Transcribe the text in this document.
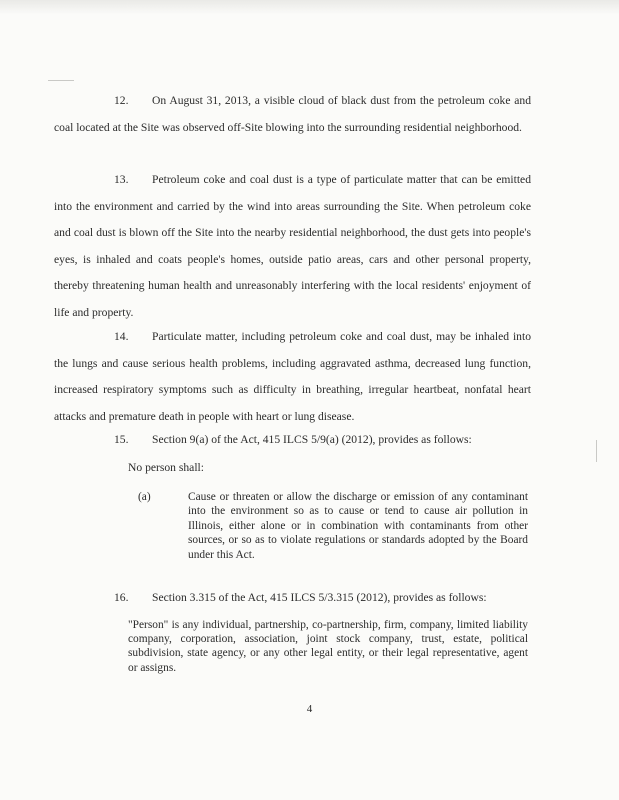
12. On August 31, 2013, a visible cloud of black dust from the petroleum coke and coal located at the Site was observed off-Site blowing into the surrounding residential neighborhood.

13. Petroleum coke and coal dust is a type of particulate matter that can be emitted into the environment and carried by the wind into areas surrounding the Site. When petroleum coke and coal dust is blown off the Site into the nearby residential neighborhood, the dust gets into people's eyes, is inhaled and coats people's homes, outside patio areas, cars and other personal property, thereby threatening human health and unreasonably interfering with the local residents' enjoyment of life and property.

14. Particulate matter, including petroleum coke and coal dust, may be inhaled into the lungs and cause serious health problems, including aggravated asthma, decreased lung function, increased respiratory symptoms such as difficulty in breathing, irregular heartbeat, nonfatal heart attacks and premature death in people with heart or lung disease.

15. Section 9(a) of the Act, 415 ILCS 5/9(a) (2012), provides as follows:

No person shall:

(a)	Cause or threaten or allow the discharge or emission of any contaminant into the environment so as to cause or tend to cause air pollution in Illinois, either alone or in combination with contaminants from other sources, or so as to violate regulations or standards adopted by the Board under this Act.

16. Section 3.315 of the Act, 415 ILCS 5/3.315 (2012), provides as follows:

"Person" is any individual, partnership, co-partnership, firm, company, limited liability company, corporation, association, joint stock company, trust, estate, political subdivision, state agency, or any other legal entity, or their legal representative, agent or assigns.

4
